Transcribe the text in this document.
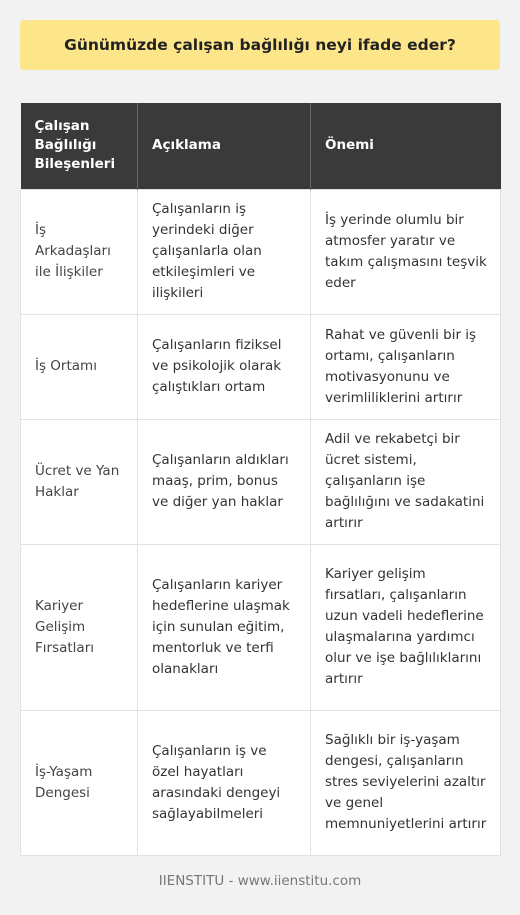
Günümüzde çalışan bağlılığı neyi ifade eder?
Çalışan Bağlılığı Bileşenleri	Açıklama	Önemi
İş Arkadaşları ile İlişkiler	Çalışanların iş yerindeki diğer çalışanlarla olan etkileşimleri ve ilişkileri	İş yerinde olumlu bir atmosfer yaratır ve takım çalışmasını teşvik eder
İş Ortamı	Çalışanların fiziksel ve psikolojik olarak çalıştıkları ortam	Rahat ve güvenli bir iş ortamı, çalışanların motivasyonunu ve verimliliklerini artırır
Ücret ve Yan Haklar	Çalışanların aldıkları maaş, prim, bonus ve diğer yan haklar	Adil ve rekabetçi bir ücret sistemi, çalışanların işe bağlılığını ve sadakatini artırır
Kariyer Gelişim Fırsatları	Çalışanların kariyer hedeflerine ulaşmak için sunulan eğitim, mentorluk ve terfi olanakları	Kariyer gelişim fırsatları, çalışanların uzun vadeli hedeflerine ulaşmalarına yardımcı olur ve işe bağlılıklarını artırır
İş-Yaşam Dengesi	Çalışanların iş ve özel hayatları arasındaki dengeyi sağlayabilmeleri	Sağlıklı bir iş-yaşam dengesi, çalışanların stres seviyelerini azaltır ve genel memnuniyetlerini artırır
IIENSTITU - www.iienstitu.com
